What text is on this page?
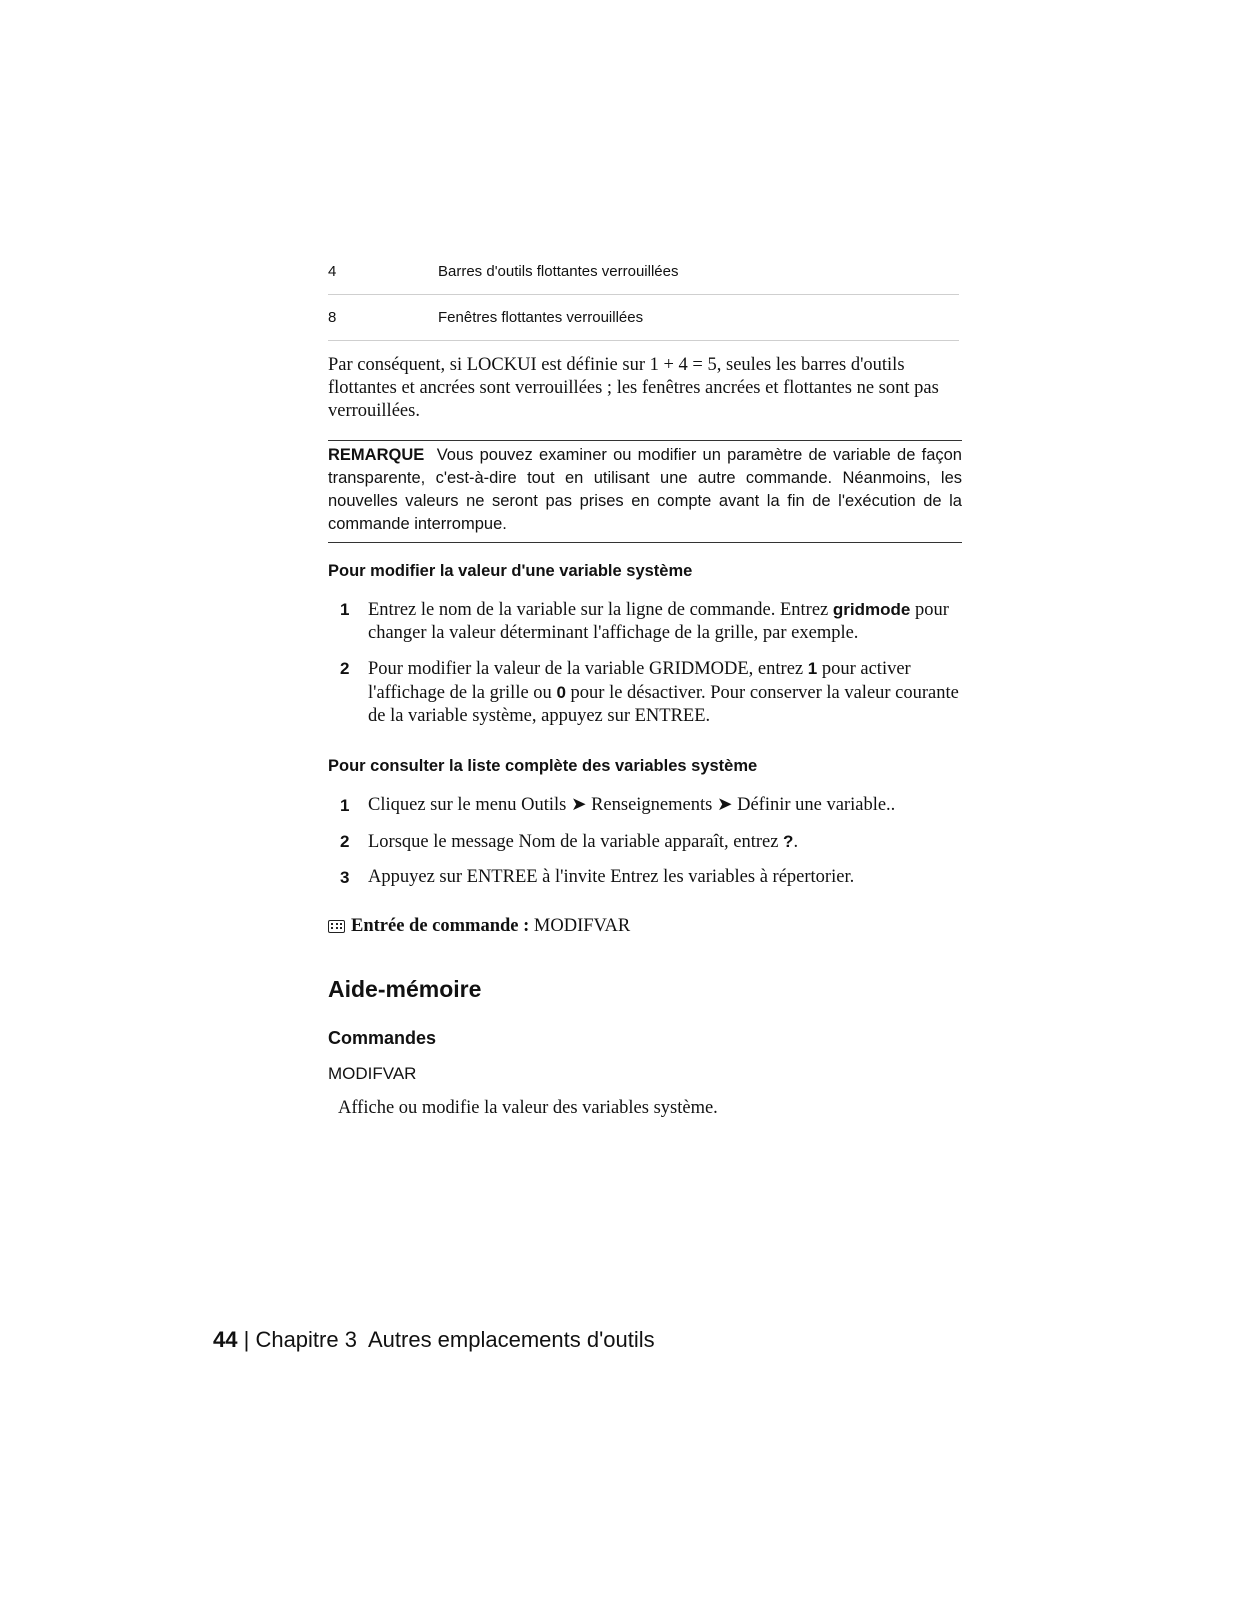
4	Barres d'outils flottantes verrouillées
8	Fenêtres flottantes verrouillées
Par conséquent, si LOCKUI est définie sur 1 + 4 = 5, seules les barres d'outils flottantes et ancrées sont verrouillées ; les fenêtres ancrées et flottantes ne sont pas verrouillées.
REMARQUE Vous pouvez examiner ou modifier un paramètre de variable de façon transparente, c'est-à-dire tout en utilisant une autre commande. Néanmoins, les nouvelles valeurs ne seront pas prises en compte avant la fin de l'exécution de la commande interrompue.
Pour modifier la valeur d'une variable système
1 Entrez le nom de la variable sur la ligne de commande. Entrez gridmode pour changer la valeur déterminant l'affichage de la grille, par exemple.
2 Pour modifier la valeur de la variable GRIDMODE, entrez 1 pour activer l'affichage de la grille ou 0 pour le désactiver. Pour conserver la valeur courante de la variable système, appuyez sur ENTREE.
Pour consulter la liste complète des variables système
1 Cliquez sur le menu Outils ➤ Renseignements ➤ Définir une variable..
2 Lorsque le message Nom de la variable apparaît, entrez ?.
3 Appuyez sur ENTREE à l'invite Entrez les variables à répertorier.
Entrée de commande :
MODIFVAR
Aide-mémoire
Commandes
MODIFVAR
Affiche ou modifie la valeur des variables système.
44 | Chapitre 3 Autres emplacements d'outils
